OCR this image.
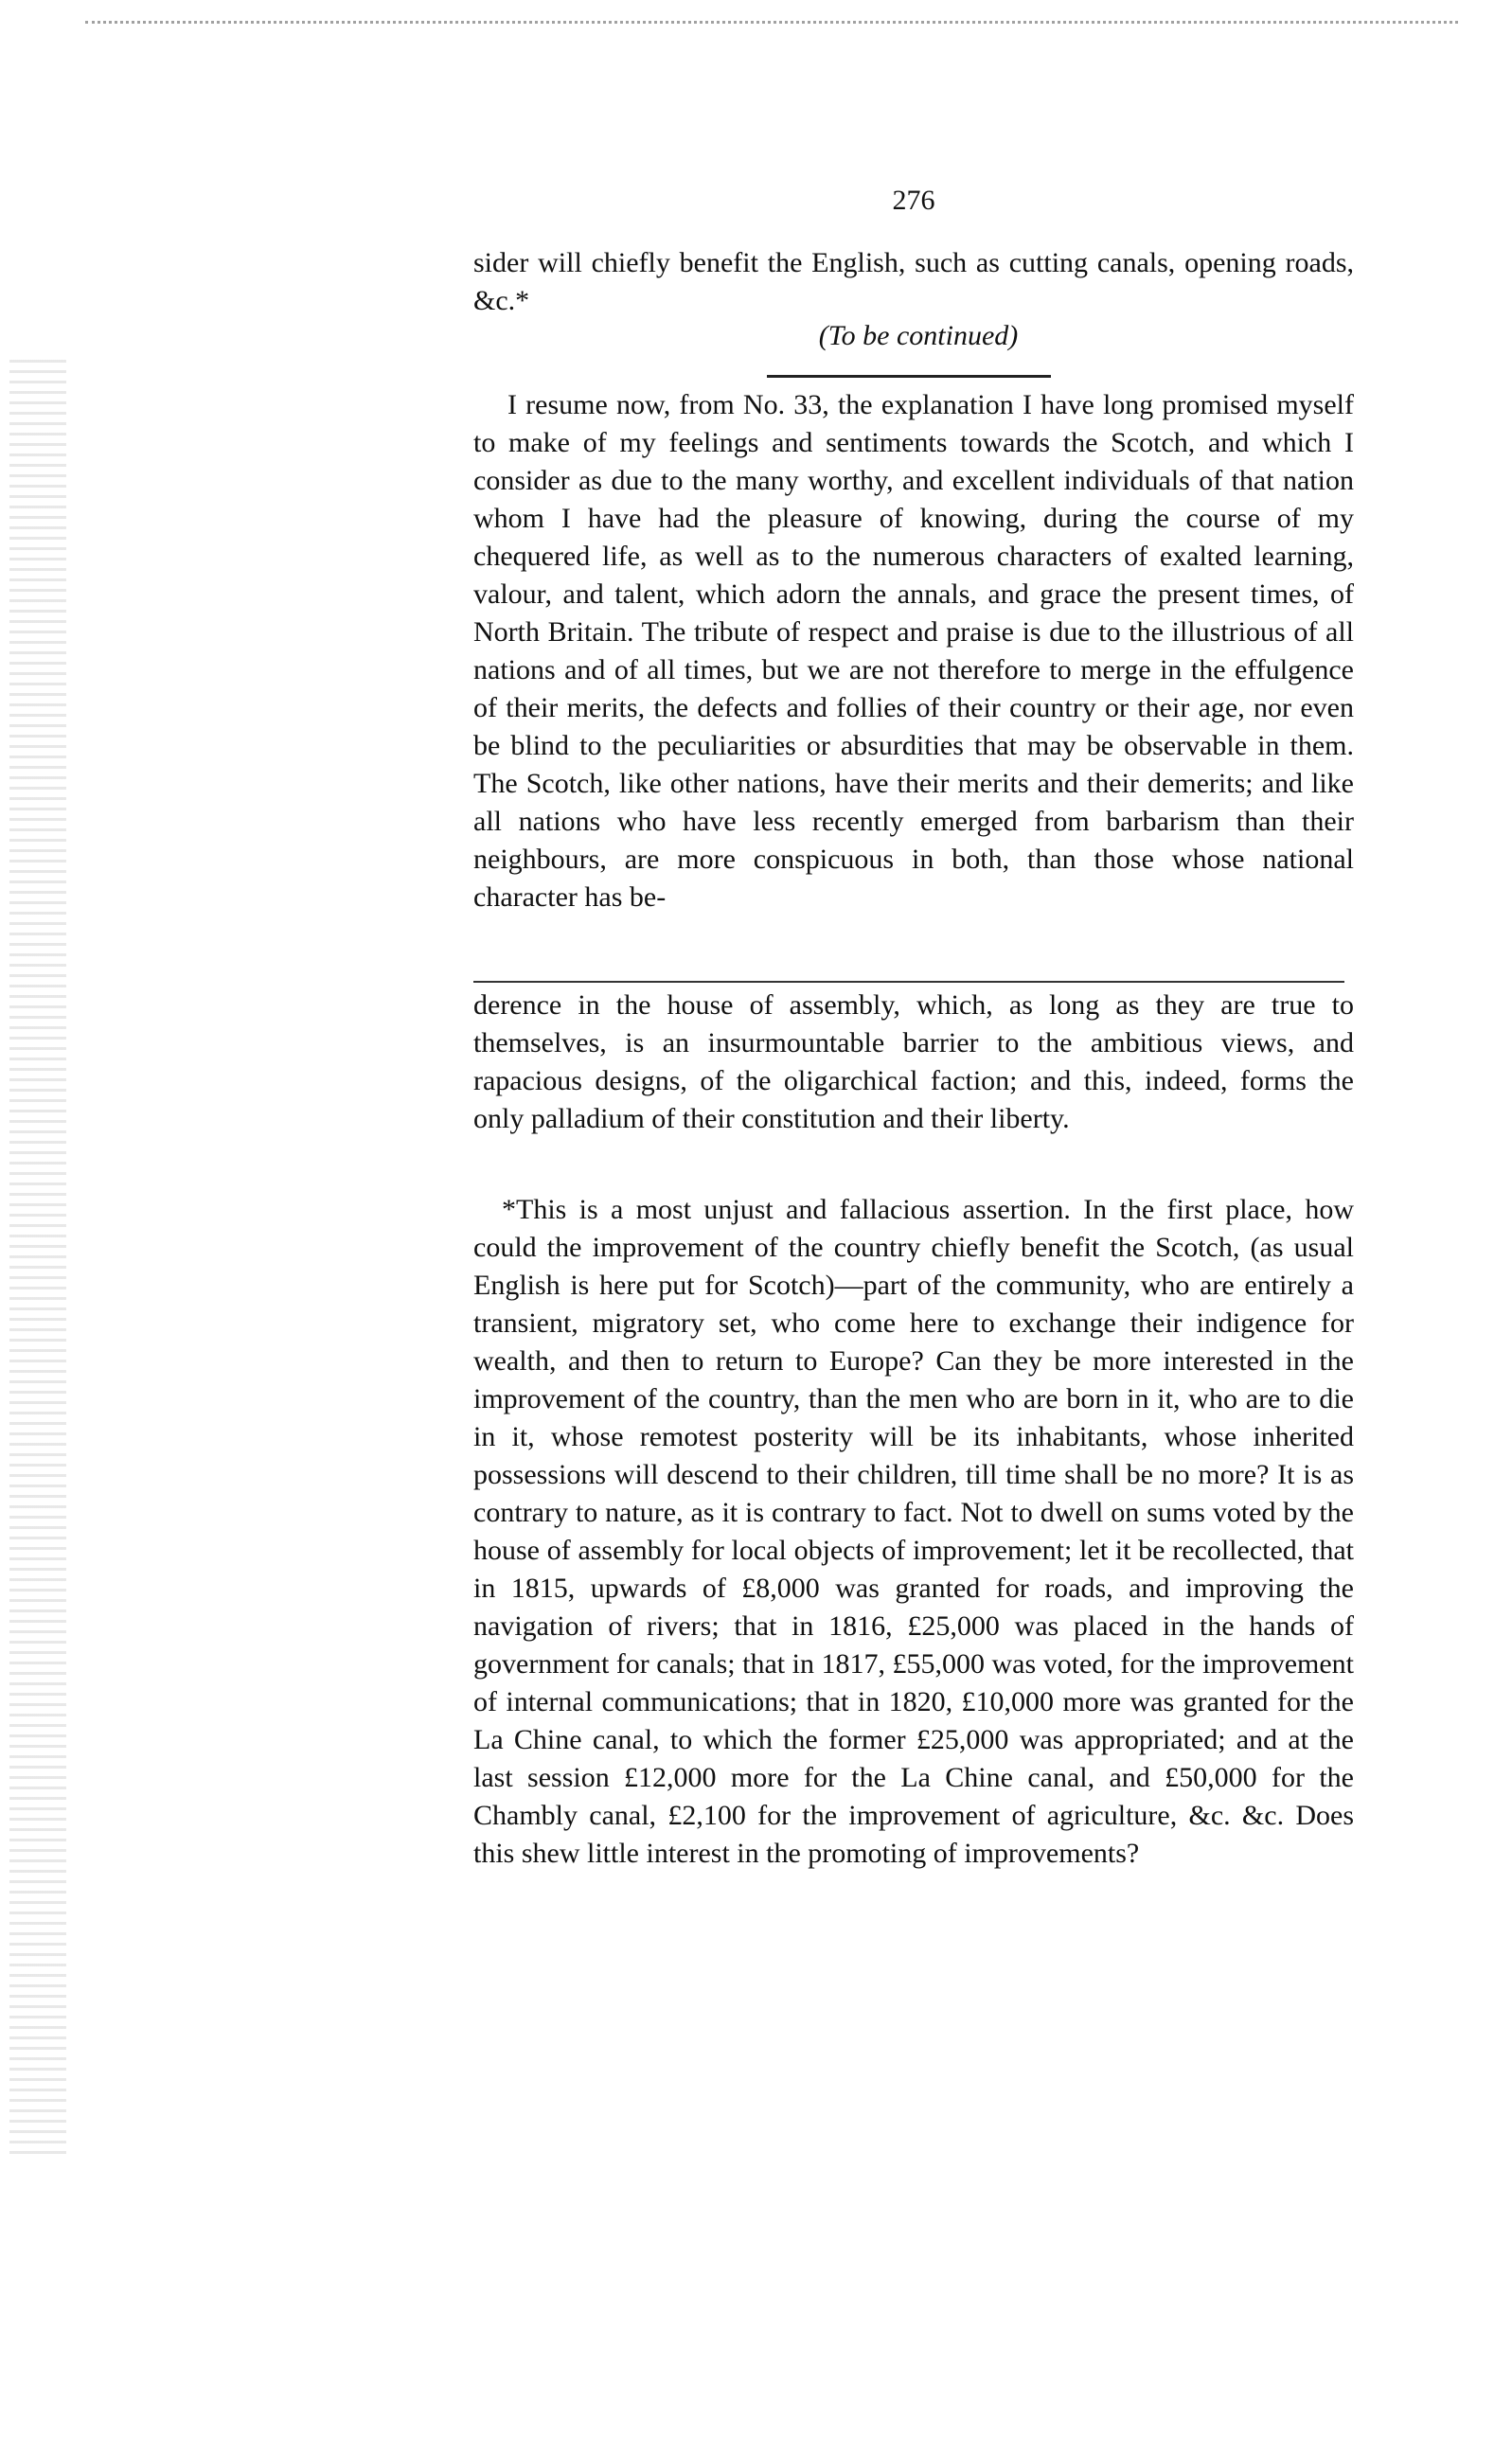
276

sider will chiefly benefit the English, such as cutting canals, opening roads, &c.*

(To be continued)

I resume now, from No. 33, the explanation I have long promised myself to make of my feelings and sentiments towards the Scotch, and which I consider as due to the many worthy, and excellent individuals of that nation whom I have had the pleasure of knowing, during the course of my chequered life, as well as to the numerous characters of exalted learning, valour, and talent, which adorn the annals, and grace the present times, of North Britain. The tribute of respect and praise is due to the illustrious of all nations and of all times, but we are not therefore to merge in the effulgence of their merits, the defects and follies of their country or their age, nor even be blind to the peculiarities or absurdities that may be observable in them. The Scotch, like other nations, have their merits and their demerits; and like all nations who have less recently emerged from barbarism than their neighbours, are more conspicuous in both, than those whose national character has be-

derence in the house of assembly, which, as long as they are true to themselves, is an insurmountable barrier to the ambitious views, and rapacious designs, of the oligarchical faction; and this, indeed, forms the only palladium of their constitution and their liberty.

*This is a most unjust and fallacious assertion. In the first place, how could the improvement of the country chiefly benefit the Scotch, (as usual English is here put for Scotch)—part of the community, who are entirely a transient, migratory set, who come here to exchange their indigence for wealth, and then to return to Europe? Can they be more interested in the improvement of the country, than the men who are born in it, who are to die in it, whose remotest posterity will be its inhabitants, whose inherited possessions will descend to their children, till time shall be no more? It is as contrary to nature, as it is contrary to fact. Not to dwell on sums voted by the house of assembly for local objects of improvement; let it be recollected, that in 1815, upwards of £8,000 was granted for roads, and improving the navigation of rivers; that in 1816, £25,000 was placed in the hands of government for canals; that in 1817, £55,000 was voted, for the improvement of internal communications; that in 1820, £10,000 more was granted for the La Chine canal, to which the former £25,000 was appropriated; and at the last session £12,000 more for the La Chine canal, and £50,000 for the Chambly canal, £2,100 for the improvement of agriculture, &c. &c. Does this shew little interest in the promoting of improvements?
